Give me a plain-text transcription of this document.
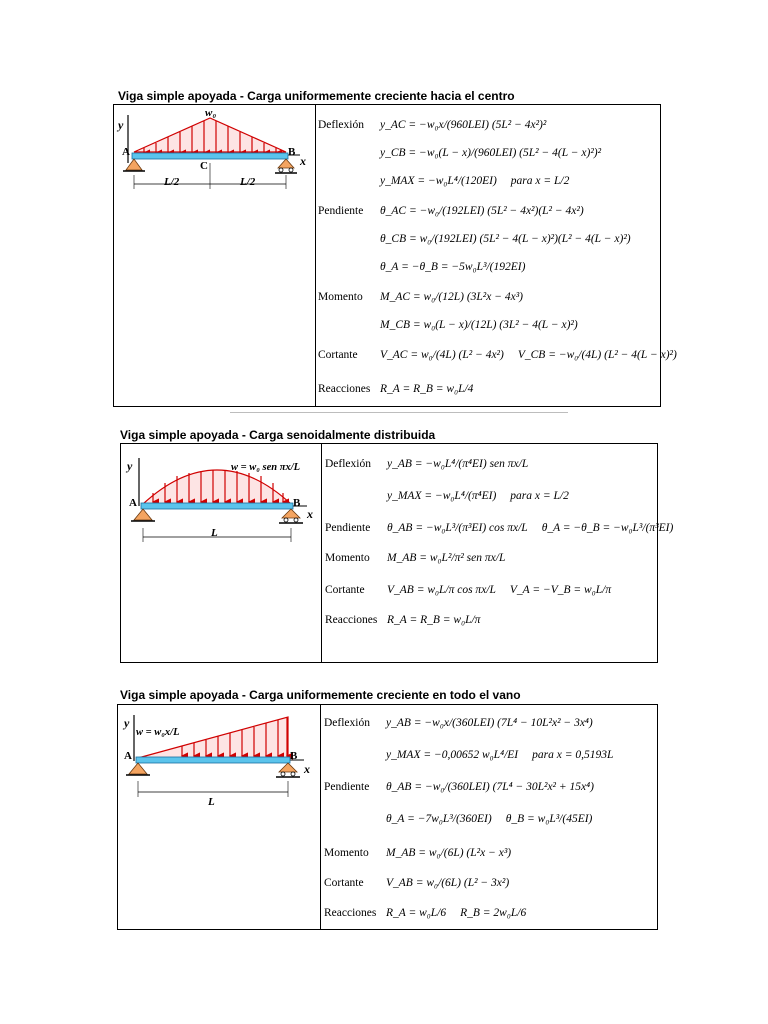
Viga simple apoyada - Carga uniformemente creciente hacia el centro
y
x
w₀
A	B
C
L/2	L/2
Deflexión	y_AC = −w₀x/(960LEI) (5L² − 4x²)²
y_CB = −w₀(L − x)/(960LEI) (5L² − 4(L − x)²)²
y_MAX = −w₀L⁴/(120EI) para x = L/2
Pendiente	θ_AC = −w₀/(192LEI) (5L² − 4x²)(L² − 4x²)
θ_CB = w₀/(192LEI) (5L² − 4(L − x)²)(L² − 4(L − x)²)
θ_A = −θ_B = −5w₀L³/(192EI)
Momento	M_AC = w₀/(12L) (3L²x − 4x³)
M_CB = w₀(L − x)/(12L) (3L² − 4(L − x)²)
Cortante	V_AC = w₀/(4L) (L² − 4x²) V_CB = −w₀/(4L) (L² − 4(L − x)²)
Reacciones R_A = R_B = w₀L/4
Viga simple apoyada - Carga senoidalmente distribuida
y
x
w = w₀ sen πx/L
A	B
L
Deflexión	y_AB = −w₀L⁴/(π⁴EI) sen πx/L
y_MAX = −w₀L⁴/(π⁴EI) para x = L/2
Pendiente	θ_AB = −w₀L³/(π³EI) cos πx/L θ_A = −θ_B = −w₀L³/(π³EI)
Momento	M_AB = w₀L²/π² sen πx/L
Cortante	V_AB = w₀L/π cos πx/L V_A = −V_B = w₀L/π
Reacciones R_A = R_B = w₀L/π
Viga simple apoyada - Carga uniformemente creciente en todo el vano
y
x
w = w₀x/L
A	B
L
Deflexión	y_AB = −w₀x/(360LEI) (7L⁴ − 10L²x² − 3x⁴)
y_MAX = −0,00652 w₀L⁴/EI para x = 0,5193L
Pendiente	θ_AB = −w₀/(360LEI) (7L⁴ − 30L²x² + 15x⁴)
θ_A = −7w₀L³/(360EI) θ_B = w₀L³/(45EI)
Momento	M_AB = w₀/(6L) (L²x − x³)
Cortante	V_AB = w₀/(6L) (L² − 3x²)
Reacciones R_A = w₀L/6 R_B = 2w₀L/6
